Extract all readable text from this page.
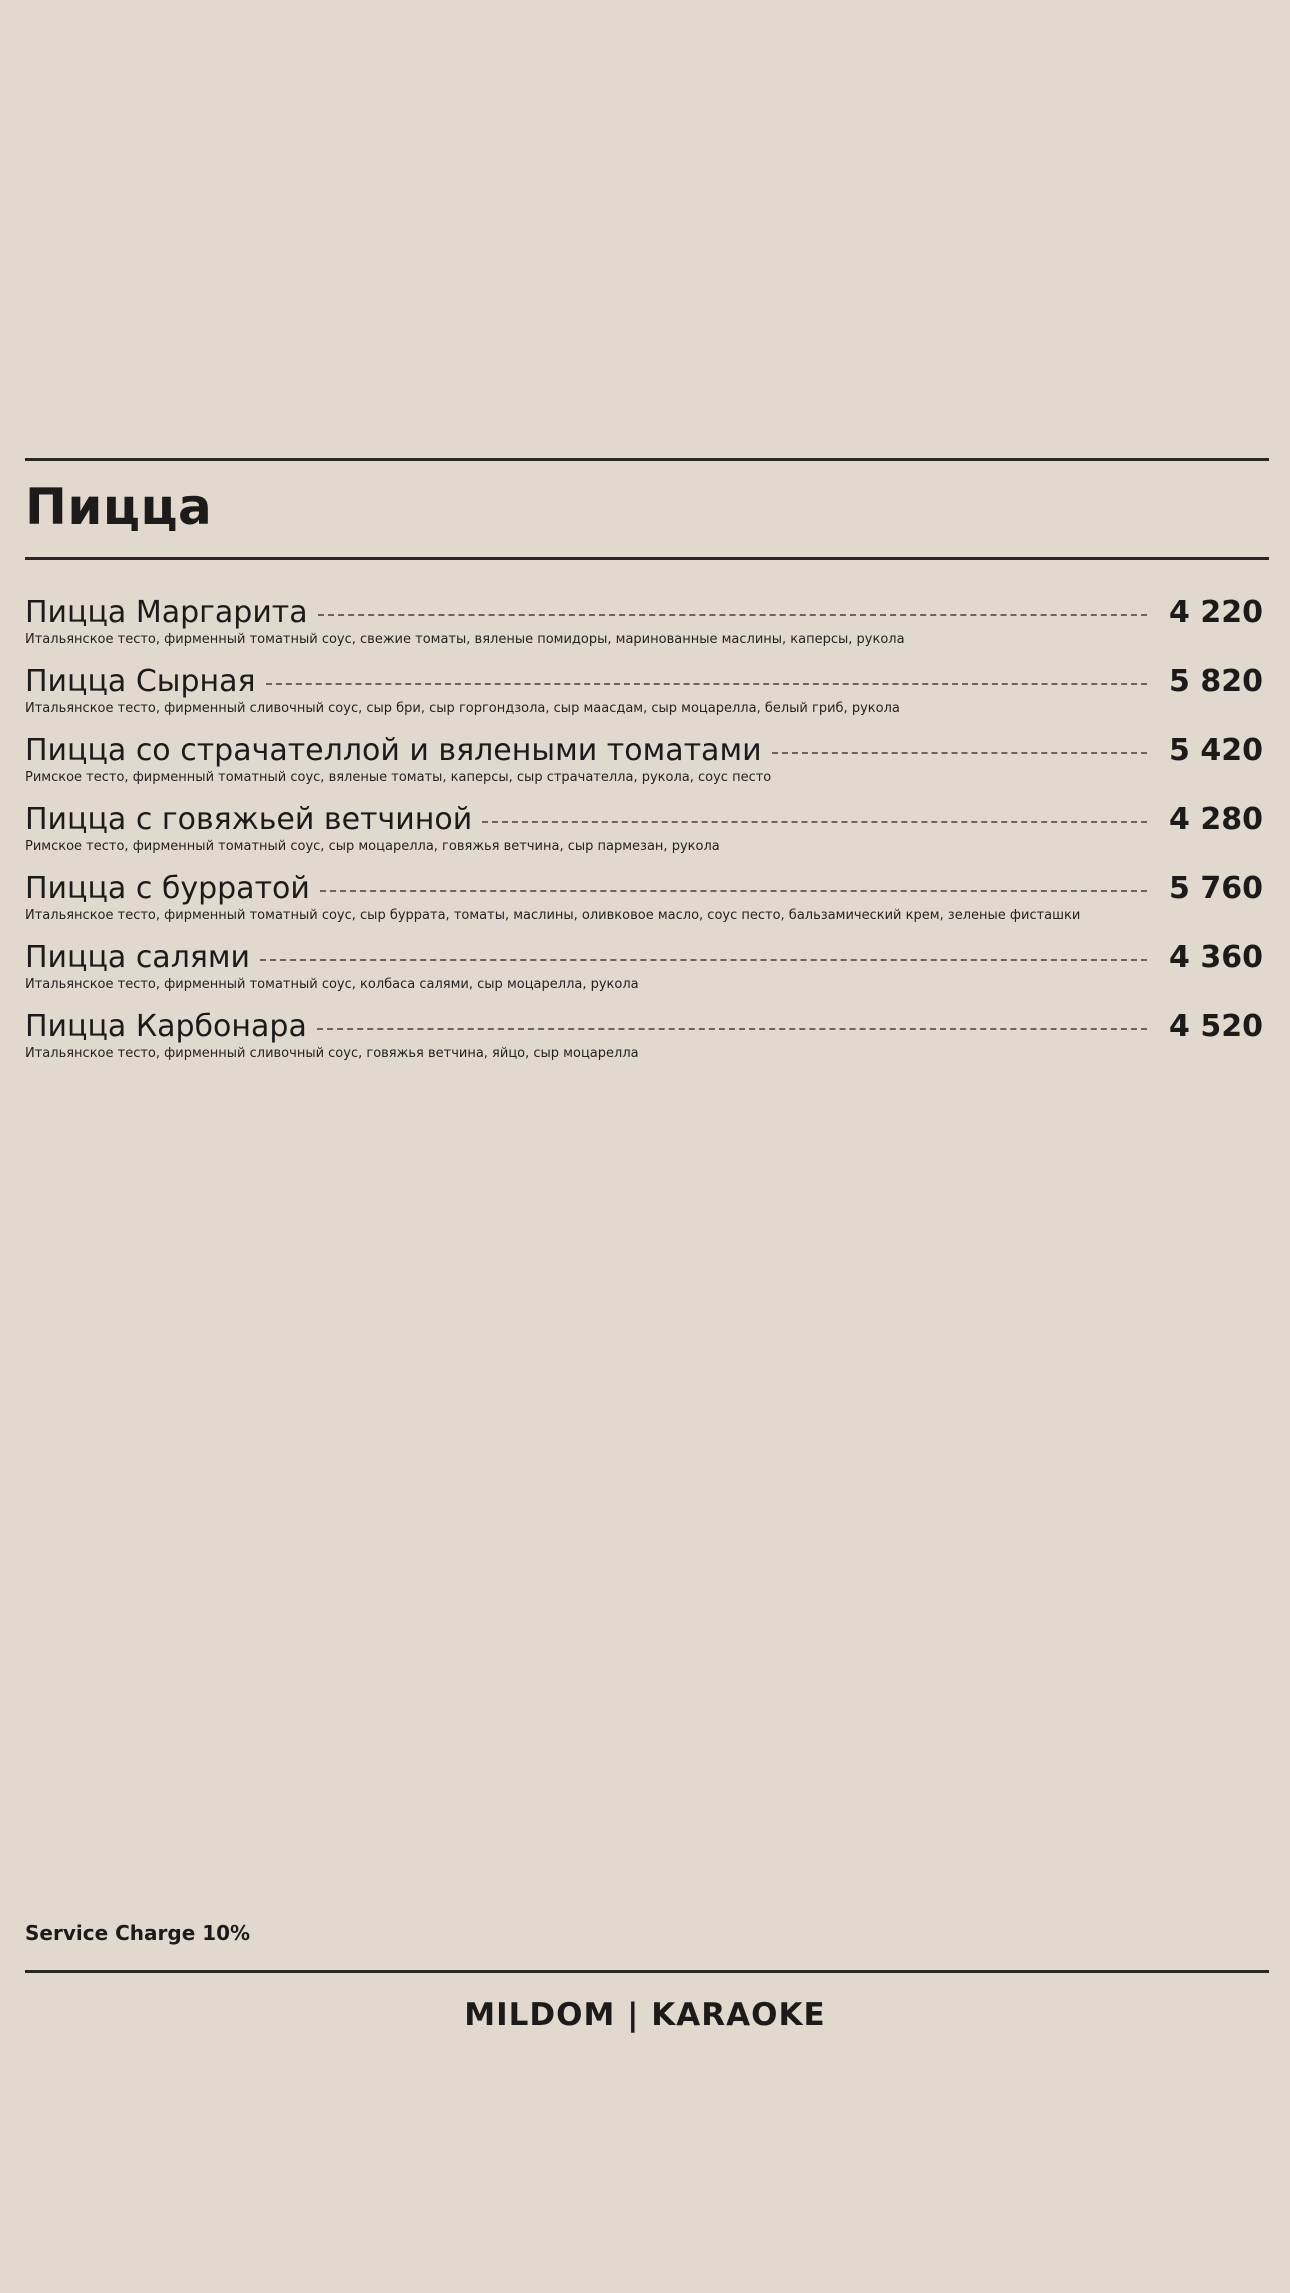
Пицца
Пицца Маргарита	4 220
Итальянское тесто, фирменный томатный соус, свежие томаты, вяленые помидоры, маринованные маслины, каперсы, рукола
Пицца Сырная	5 820
Итальянское тесто, фирменный сливочный соус, сыр бри, сыр горгондзола, сыр маасдам, сыр моцарелла, белый гриб, рукола
Пицца со страчателлой и вялеными томатами	5 420
Римское тесто, фирменный томатный соус, вяленые томаты, каперсы, сыр страчателла, рукола, соус песто
Пицца с говяжьей ветчиной	4 280
Римское тесто, фирменный томатный соус, сыр моцарелла, говяжья ветчина, сыр пармезан, рукола
Пицца с бурратой	5 760
Итальянское тесто, фирменный томатный соус, сыр буррата, томаты, маслины, оливковое масло, соус песто, бальзамический крем, зеленые фисташки
Пицца салями	4 360
Итальянское тесто, фирменный томатный соус, колбаса салями, сыр моцарелла, рукола
Пицца Карбонара	4 520
Итальянское тесто, фирменный сливочный соус, говяжья ветчина, яйцо, сыр моцарелла
Service Charge 10%
MILDOM | KARAOKE
